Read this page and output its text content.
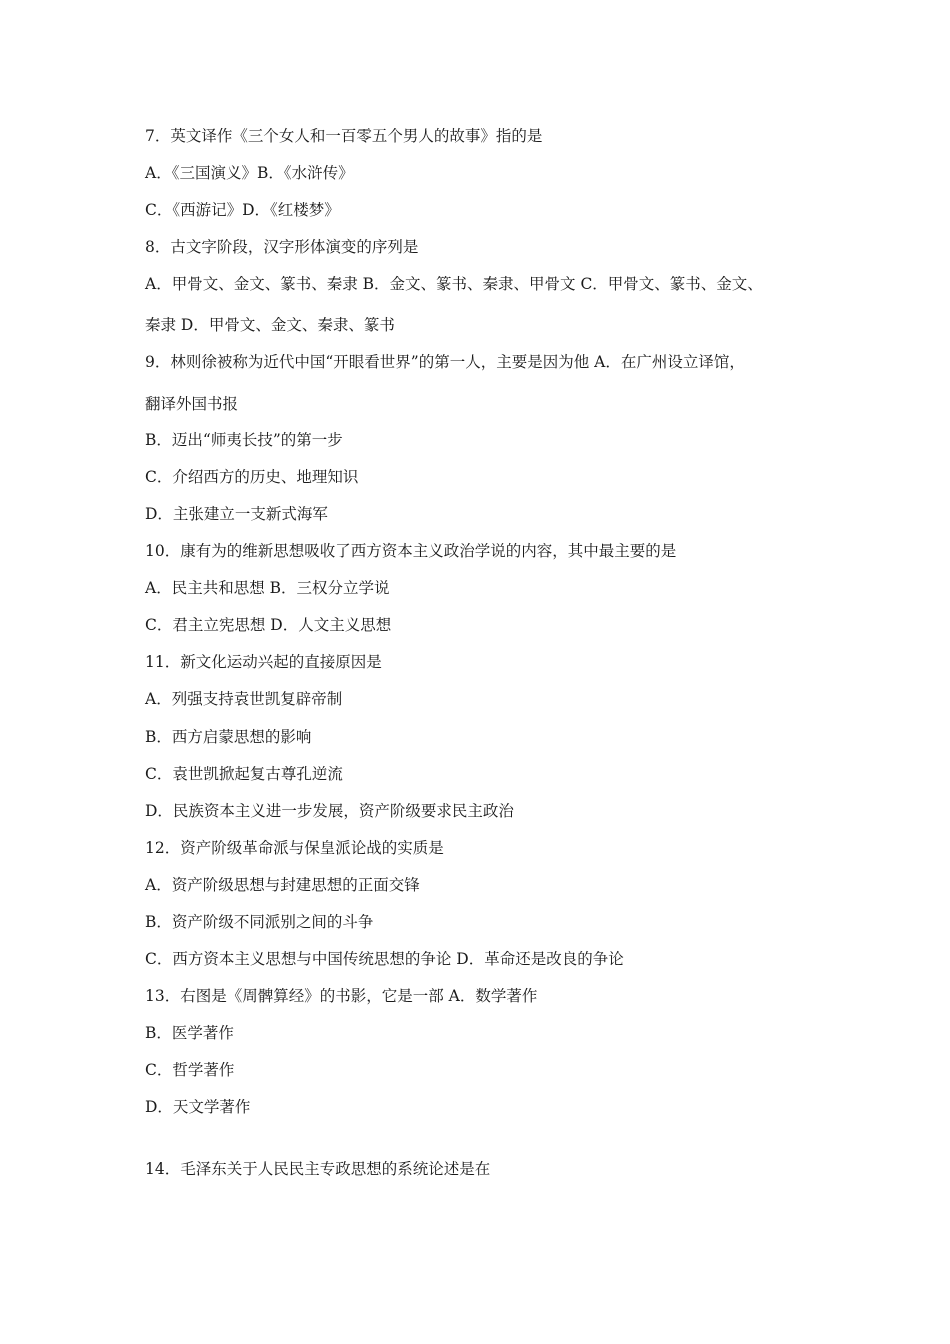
7．英文译作《三个女人和一百零五个男人的故事》指的是
A．《三国演义》B．《水浒传》
C．《西游记》D．《红楼梦》
8．古文字阶段，汉字形体演变的序列是
A．甲骨文、金文、篆书、秦隶 B．金文、篆书、秦隶、甲骨文 C．甲骨文、篆书、金文、
秦隶 D．甲骨文、金文、秦隶、篆书
9．林则徐被称为近代中国“开眼看世界”的第一人，主要是因为他 A．在广州设立译馆，
翻译外国书报
B．迈出“师夷长技”的第一步
C．介绍西方的历史、地理知识
D．主张建立一支新式海军
10．康有为的维新思想吸收了西方资本主义政治学说的内容，其中最主要的是
A．民主共和思想 B．三权分立学说
C．君主立宪思想 D．人文主义思想
11．新文化运动兴起的直接原因是
A．列强支持袁世凯复辟帝制
B．西方启蒙思想的影响
C．袁世凯掀起复古尊孔逆流
D．民族资本主义进一步发展，资产阶级要求民主政治
12．资产阶级革命派与保皇派论战的实质是
A．资产阶级思想与封建思想的正面交锋
B．资产阶级不同派别之间的斗争
C．西方资本主义思想与中国传统思想的争论 D．革命还是改良的争论
13．右图是《周髀算经》的书影，它是一部 A．数学著作
B．医学著作
C．哲学著作
D．天文学著作
14．毛泽东关于人民民主专政思想的系统论述是在
